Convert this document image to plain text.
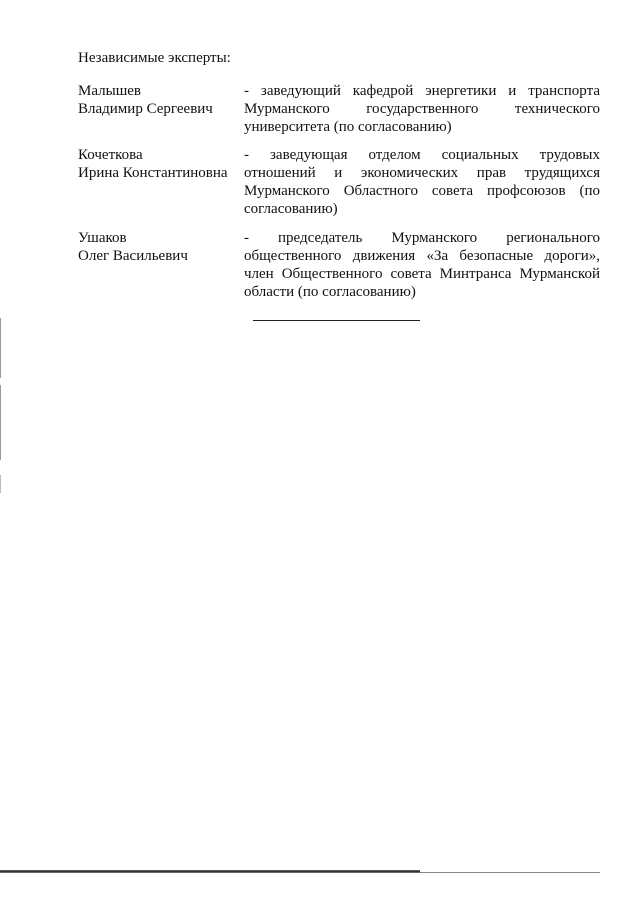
Независимые эксперты:
Малышев
Владимир Сергеевич
- заведующий кафедрой энергетики и транспорта Мурманского государственного технического университета (по согласованию)
Кочеткова
Ирина Константиновна
- заведующая отделом социальных трудовых отношений и экономических прав трудящихся Мурманского Областного совета профсоюзов (по согласованию)
Ушаков
Олег Васильевич
- председатель Мурманского регионального общественного движения «За безопасные дороги», член Общественного совета Минтранса Мурманской области (по согласованию)
